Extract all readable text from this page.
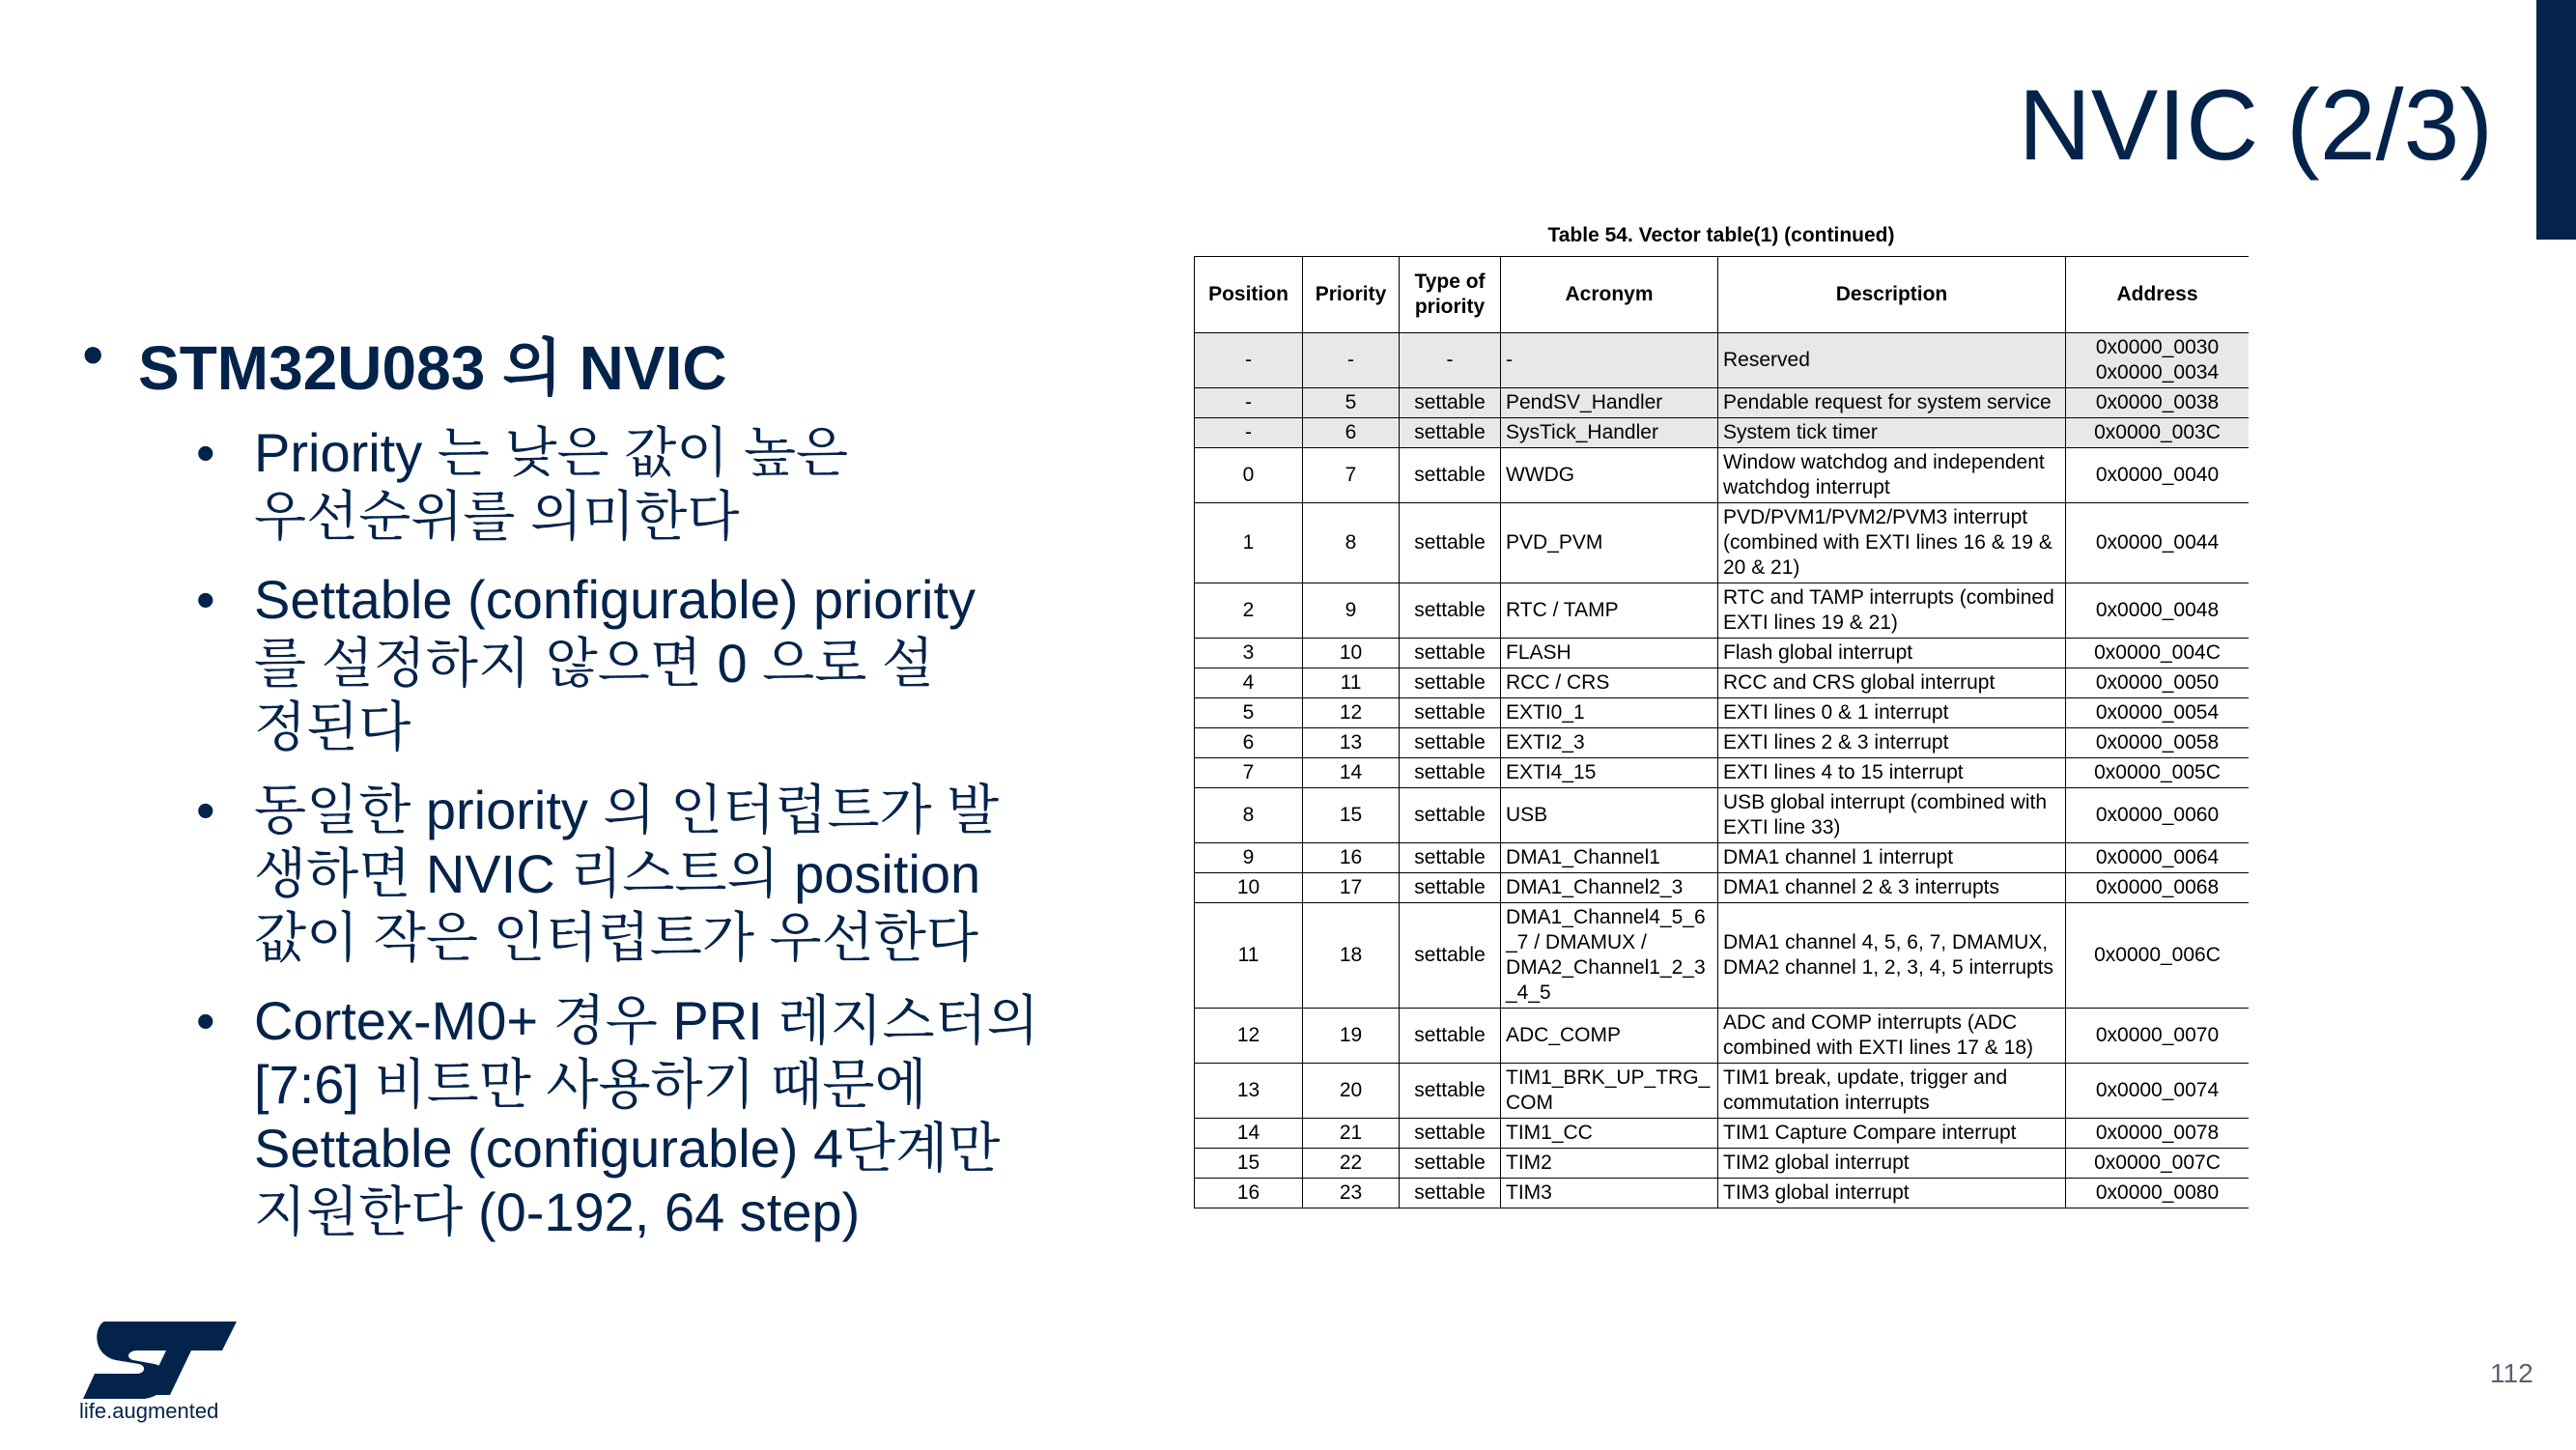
NVIC (2/3)
• STM32U083 의 NVIC
• Priority 는 낮은 값이 높은
우선순위를 의미한다
• Settable (configurable) priority
를 설정하지 않으면 0 으로 설
정된다
• 동일한 priority 의 인터럽트가 발
생하면 NVIC 리스트의 position
값이 작은 인터럽트가 우선한다
• Cortex-M0+ 경우 PRI 레지스터의
[7:6] 비트만 사용하기 때문에
Settable (configurable) 4단계만
지원한다 (0-192, 64 step)
Table 54. Vector table(1) (continued)
Position	Priority	Type of priority	Acronym	Description	Address
-	-	-	-	Reserved	0x0000_0030
0x0000_0034
-	5	settable	PendSV_Handler	Pendable request for system service	0x0000_0038
-	6	settable	SysTick_Handler	System tick timer	0x0000_003C
0	7	settable	WWDG	Window watchdog and independent watchdog interrupt	0x0000_0040
1	8	settable	PVD_PVM	PVD/PVM1/PVM2/PVM3 interrupt (combined with EXTI lines 16 & 19 & 20 & 21)	0x0000_0044
2	9	settable	RTC / TAMP	RTC and TAMP interrupts (combined EXTI lines 19 & 21)	0x0000_0048
3	10	settable	FLASH	Flash global interrupt	0x0000_004C
4	11	settable	RCC / CRS	RCC and CRS global interrupt	0x0000_0050
5	12	settable	EXTI0_1	EXTI lines 0 & 1 interrupt	0x0000_0054
6	13	settable	EXTI2_3	EXTI lines 2 & 3 interrupt	0x0000_0058
7	14	settable	EXTI4_15	EXTI lines 4 to 15 interrupt	0x0000_005C
8	15	settable	USB	USB global interrupt (combined with EXTI line 33)	0x0000_0060
9	16	settable	DMA1_Channel1	DMA1 channel 1 interrupt	0x0000_0064
10	17	settable	DMA1_Channel2_3	DMA1 channel 2 & 3 interrupts	0x0000_0068
11	18	settable	DMA1_Channel4_5_6_7 / DMAMUX / DMA2_Channel1_2_3_4_5	DMA1 channel 4, 5, 6, 7, DMAMUX, DMA2 channel 1, 2, 3, 4, 5 interrupts	0x0000_006C
12	19	settable	ADC_COMP	ADC and COMP interrupts (ADC combined with EXTI lines 17 & 18)	0x0000_0070
13	20	settable	TIM1_BRK_UP_TRG_COM	TIM1 break, update, trigger and commutation interrupts	0x0000_0074
14	21	settable	TIM1_CC	TIM1 Capture Compare interrupt	0x0000_0078
15	22	settable	TIM2	TIM2 global interrupt	0x0000_007C
16	23	settable	TIM3	TIM3 global interrupt	0x0000_0080
112
life.augmented
